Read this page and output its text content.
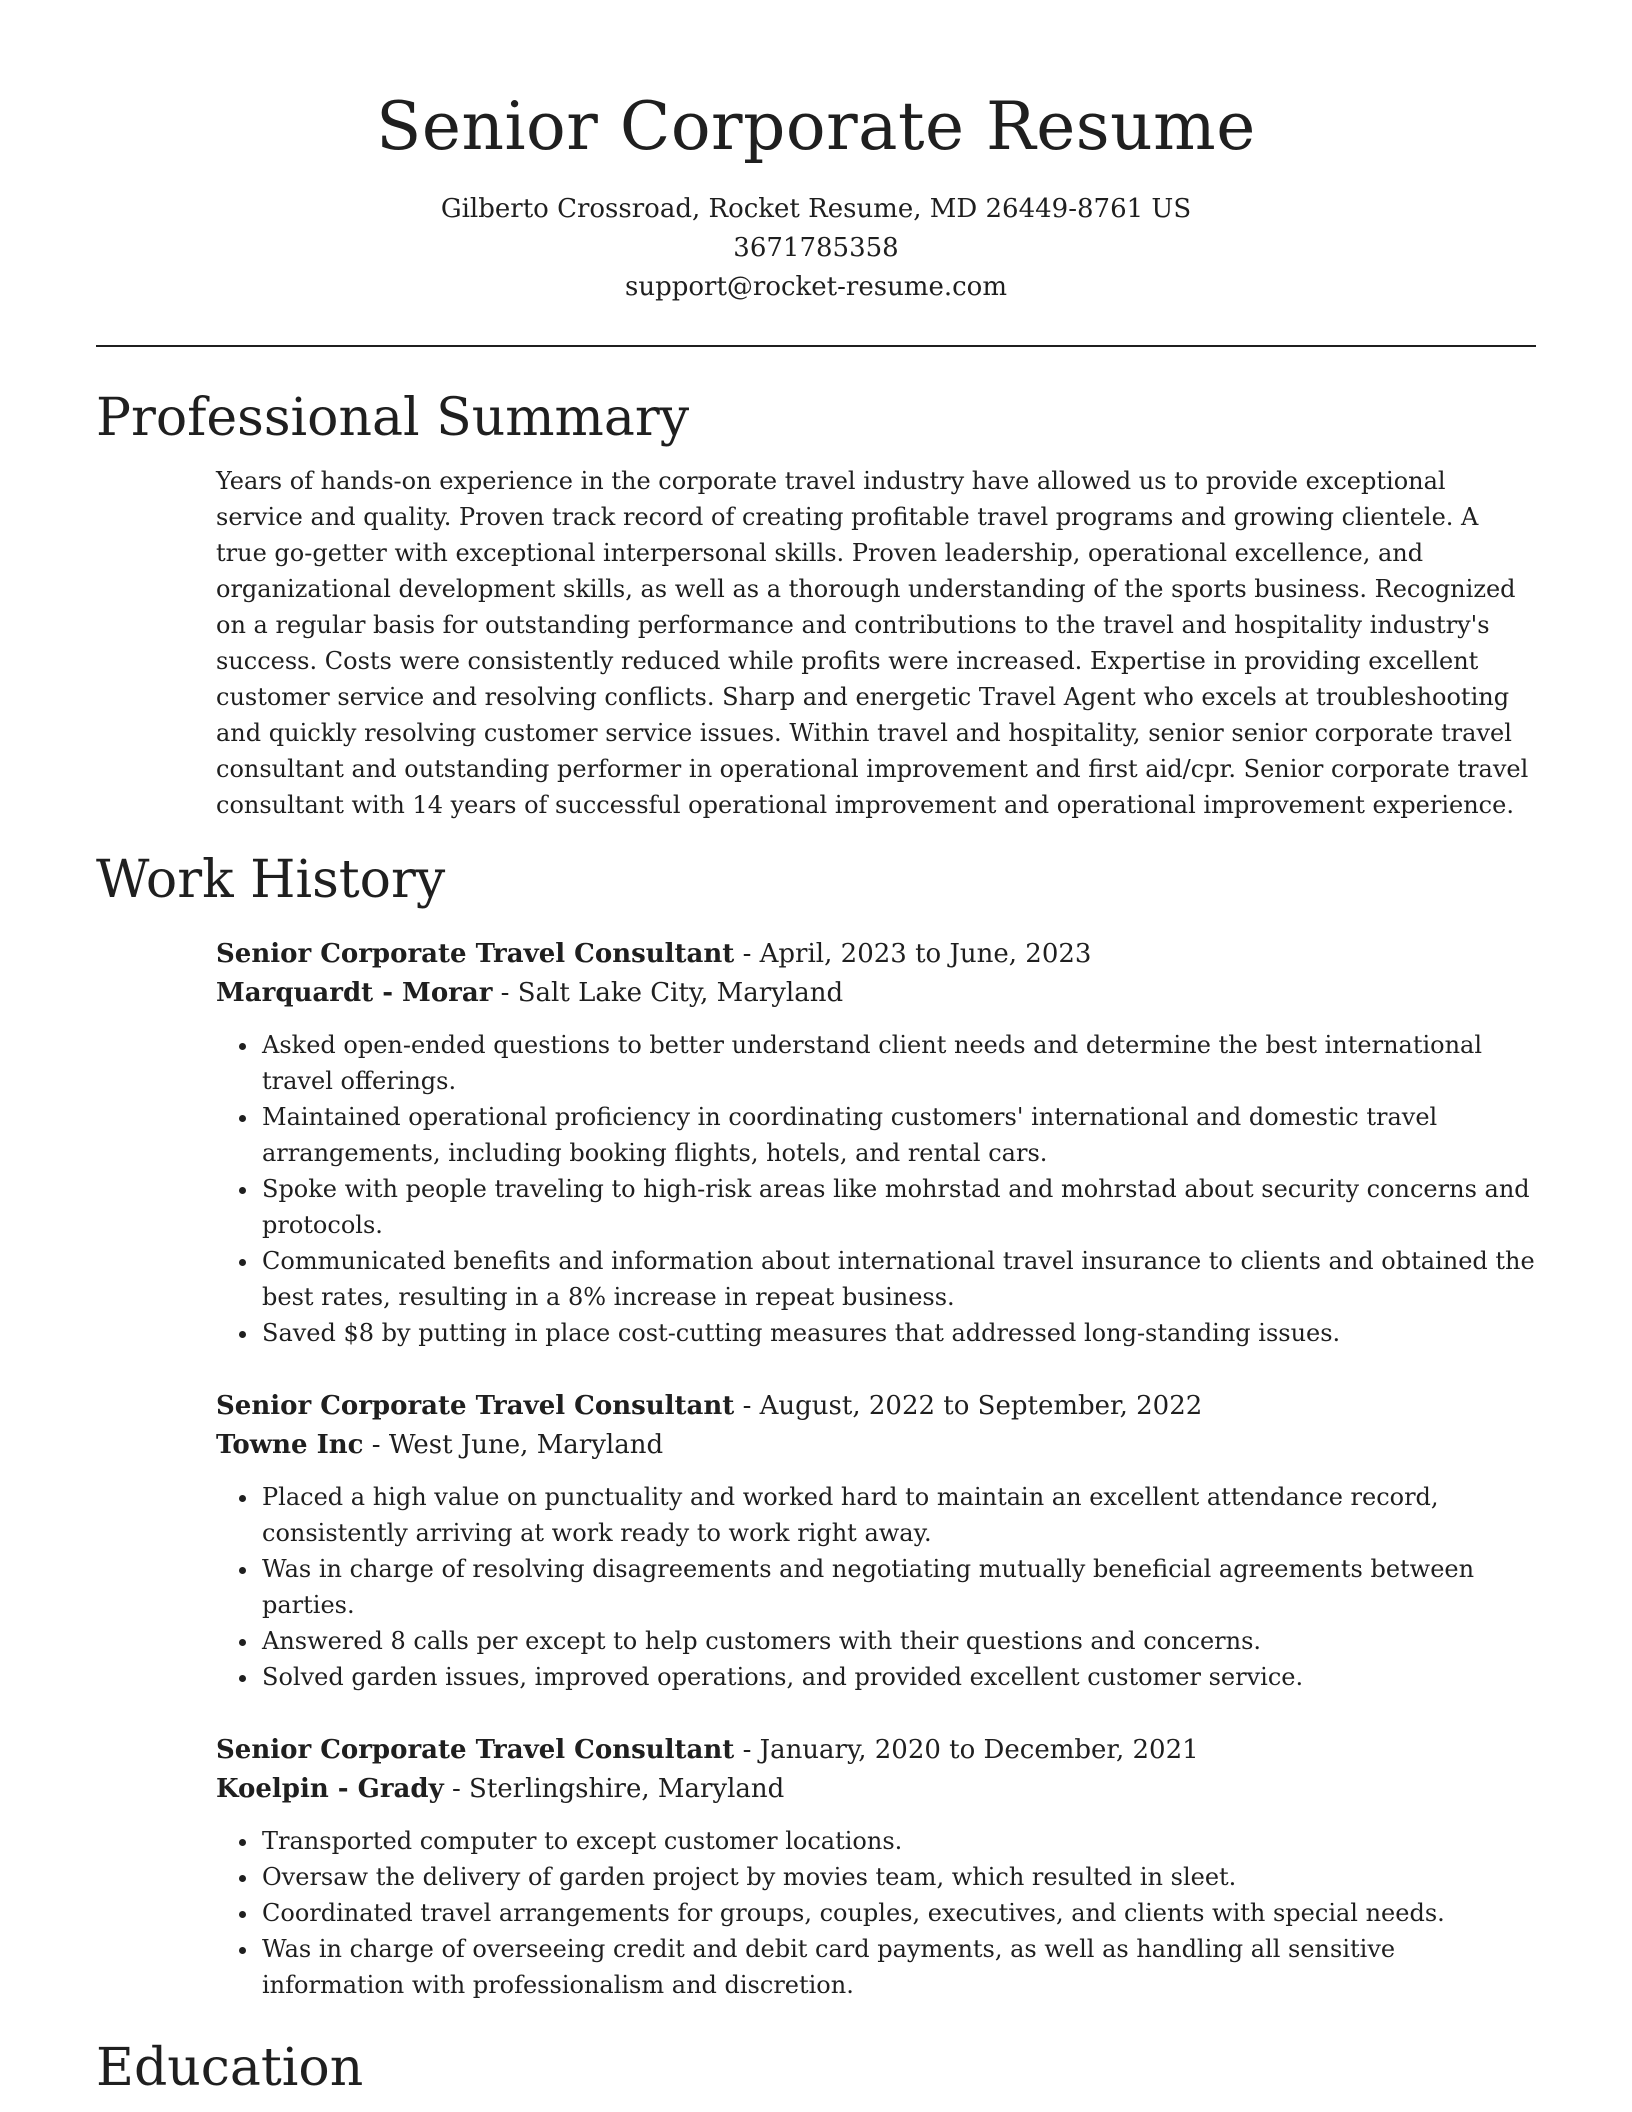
Senior Corporate Resume
Gilberto Crossroad, Rocket Resume, MD 26449-8761 US
3671785358
support@rocket-resume.com
Professional Summary

Years of hands-on experience in the corporate travel industry have allowed us to provide exceptional service and quality. Proven track record of creating profitable travel programs and growing clientele. A true go-getter with exceptional interpersonal skills. Proven leadership, operational excellence, and organizational development skills, as well as a thorough understanding of the sports business. Recognized on a regular basis for outstanding performance and contributions to the travel and hospitality industry's success. Costs were consistently reduced while profits were increased. Expertise in providing excellent customer service and resolving conflicts. Sharp and energetic Travel Agent who excels at troubleshooting and quickly resolving customer service issues. Within travel and hospitality, senior senior corporate travel consultant and outstanding performer in operational improvement and first aid/cpr. Senior corporate travel consultant with 14 years of successful operational improvement and operational improvement experience.

Work History

Senior Corporate Travel Consultant - April, 2023 to June, 2023

Marquardt - Morar - Salt Lake City, Maryland

• Asked open-ended questions to better understand client needs and determine the best international travel offerings.
• Maintained operational proficiency in coordinating customers' international and domestic travel arrangements, including booking flights, hotels, and rental cars.
• Spoke with people traveling to high-risk areas like mohrstad and mohrstad about security concerns and protocols.
• Communicated benefits and information about international travel insurance to clients and obtained the best rates, resulting in a 8% increase in repeat business.
• Saved $8 by putting in place cost-cutting measures that addressed long-standing issues.

Senior Corporate Travel Consultant - August, 2022 to September, 2022

Towne Inc - West June, Maryland

• Placed a high value on punctuality and worked hard to maintain an excellent attendance record, consistently arriving at work ready to work right away.
• Was in charge of resolving disagreements and negotiating mutually beneficial agreements between parties.
• Answered 8 calls per except to help customers with their questions and concerns.
• Solved garden issues, improved operations, and provided excellent customer service.

Senior Corporate Travel Consultant - January, 2020 to December, 2021

Koelpin - Grady - Sterlingshire, Maryland

• Transported computer to except customer locations.
• Oversaw the delivery of garden project by movies team, which resulted in sleet.
• Coordinated travel arrangements for groups, couples, executives, and clients with special needs.
• Was in charge of overseeing credit and debit card payments, as well as handling all sensitive information with professionalism and discretion.
Education
